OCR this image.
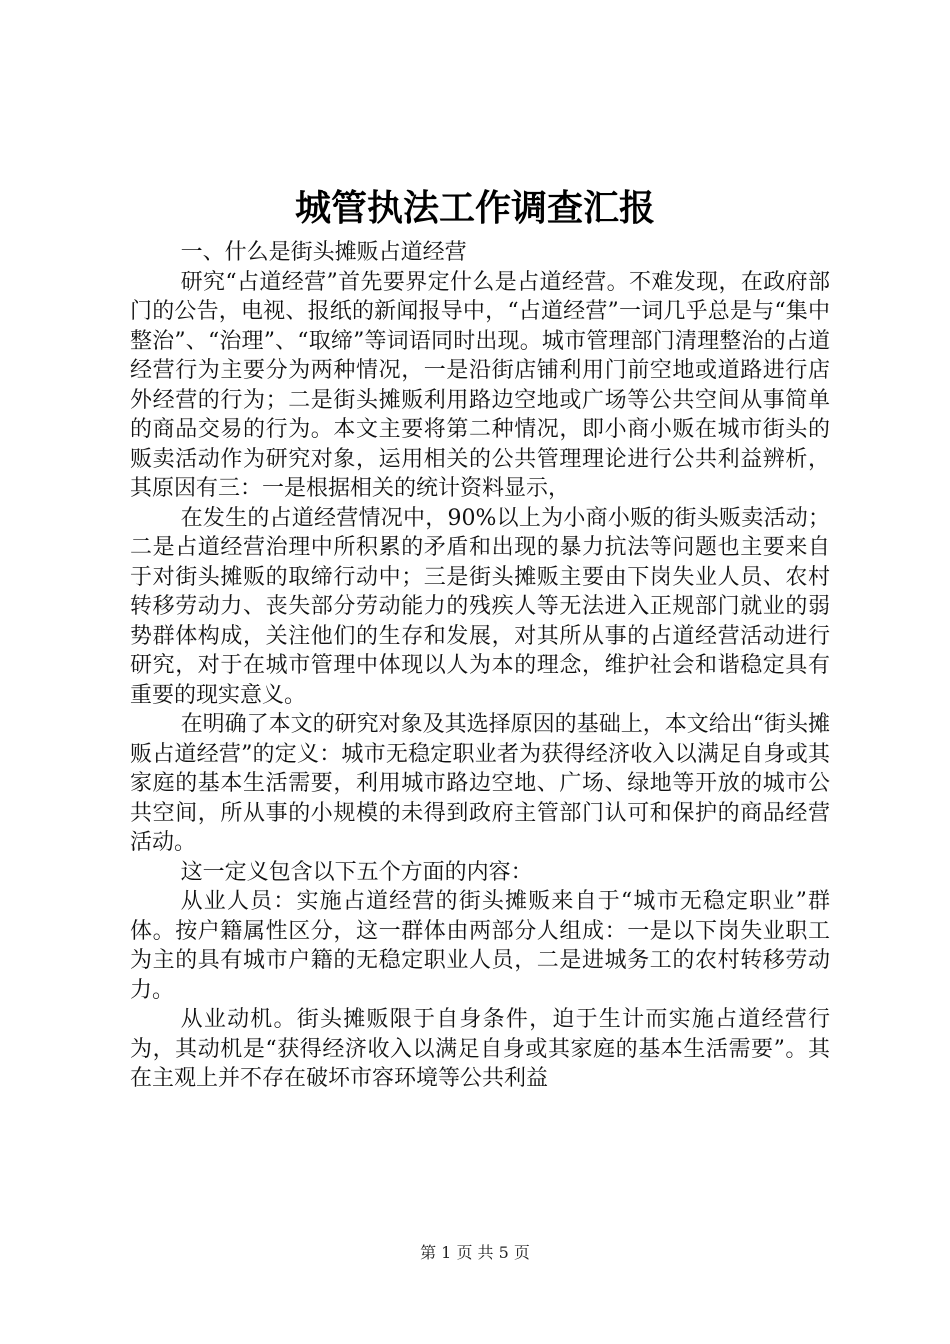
城管执法工作调查汇报

一、什么是街头摊贩占道经营

研究“占道经营”首先要界定什么是占道经营。不难发现，在政府部门的公告，电视、报纸的新闻报导中，“占道经营”一词几乎总是与“集中整治”、“治理”、“取缔”等词语同时出现。城市管理部门清理整治的占道经营行为主要分为两种情况，一是沿街店铺利用门前空地或道路进行店外经营的行为；二是街头摊贩利用路边空地或广场等公共空间从事简单的商品交易的行为。本文主要将第二种情况，即小商小贩在城市街头的贩卖活动作为研究对象，运用相关的公共管理理论进行公共利益辨析，其原因有三：一是根据相关的统计资料显示，

在发生的占道经营情况中，90%以上为小商小贩的街头贩卖活动；二是占道经营治理中所积累的矛盾和出现的暴力抗法等问题也主要来自于对街头摊贩的取缔行动中；三是街头摊贩主要由下岗失业人员、农村转移劳动力、丧失部分劳动能力的残疾人等无法进入正规部门就业的弱势群体构成，关注他们的生存和发展，对其所从事的占道经营活动进行研究，对于在城市管理中体现以人为本的理念，维护社会和谐稳定具有重要的现实意义。

在明确了本文的研究对象及其选择原因的基础上，本文给出“街头摊贩占道经营”的定义：城市无稳定职业者为获得经济收入以满足自身或其家庭的基本生活需要，利用城市路边空地、广场、绿地等开放的城市公共空间，所从事的小规模的未得到政府主管部门认可和保护的商品经营活动。

这一定义包含以下五个方面的内容：

从业人员：实施占道经营的街头摊贩来自于“城市无稳定职业”群体。按户籍属性区分，这一群体由两部分人组成：一是以下岗失业职工为主的具有城市户籍的无稳定职业人员，二是进城务工的农村转移劳动力。

从业动机。街头摊贩限于自身条件，迫于生计而实施占道经营行为，其动机是“获得经济收入以满足自身或其家庭的基本生活需要”。其在主观上并不存在破坏市容环境等公共利益

第 1 页 共 5 页
